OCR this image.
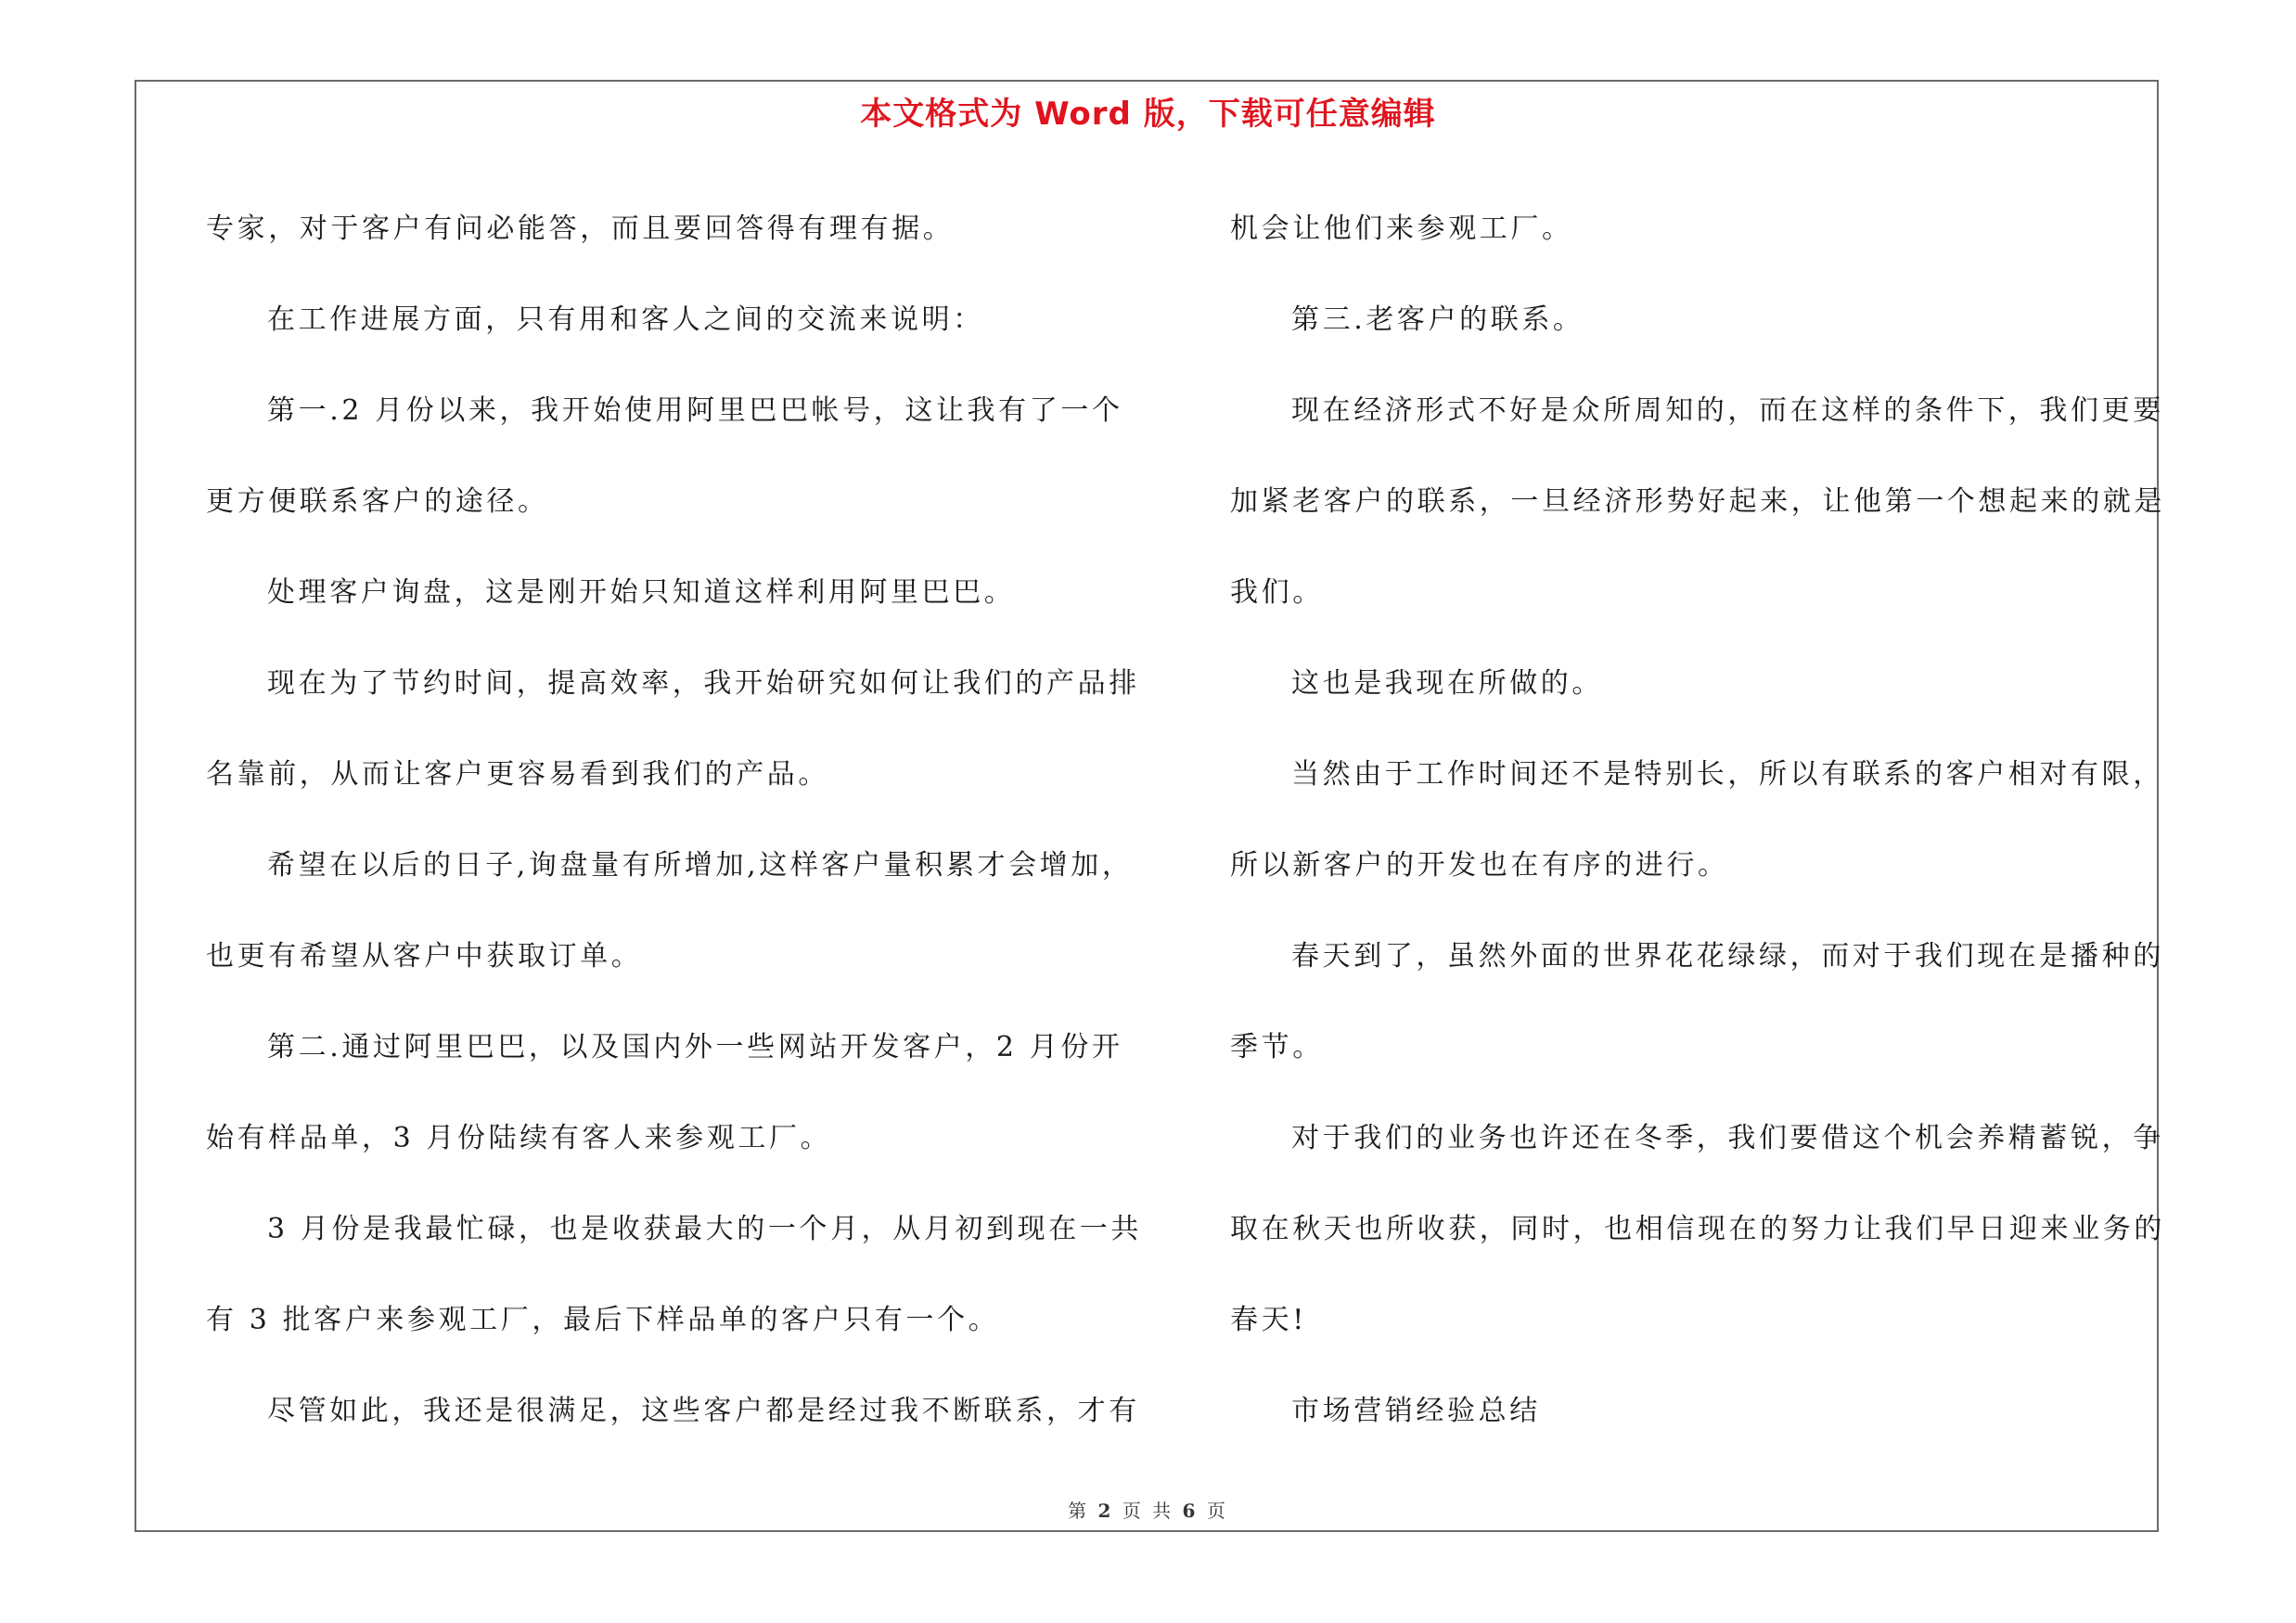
本文格式为 Word 版，下载可任意编辑

专家，对于客户有问必能答，而且要回答得有理有据。

在工作进展方面，只有用和客人之间的交流来说明：

第一.2 月份以来，我开始使用阿里巴巴帐号，这让我有了一个

更方便联系客户的途径。

处理客户询盘，这是刚开始只知道这样利用阿里巴巴。

现在为了节约时间，提高效率，我开始研究如何让我们的产品排

名靠前，从而让客户更容易看到我们的产品。

希望在以后的日子,询盘量有所增加,这样客户量积累才会增加，

也更有希望从客户中获取订单。

第二.通过阿里巴巴，以及国内外一些网站开发客户，2 月份开

始有样品单，3 月份陆续有客人来参观工厂。

3 月份是我最忙碌，也是收获最大的一个月，从月初到现在一共

有 3 批客户来参观工厂，最后下样品单的客户只有一个。

尽管如此，我还是很满足，这些客户都是经过我不断联系，才有

机会让他们来参观工厂。

第三.老客户的联系。

现在经济形式不好是众所周知的，而在这样的条件下，我们更要

加紧老客户的联系，一旦经济形势好起来，让他第一个想起来的就是

我们。

这也是我现在所做的。

当然由于工作时间还不是特别长，所以有联系的客户相对有限，

所以新客户的开发也在有序的进行。

春天到了，虽然外面的世界花花绿绿，而对于我们现在是播种的

季节。

对于我们的业务也许还在冬季，我们要借这个机会养精蓄锐，争

取在秋天也所收获，同时，也相信现在的努力让我们早日迎来业务的

春天!

市场营销经验总结

第 2 页 共 6 页
